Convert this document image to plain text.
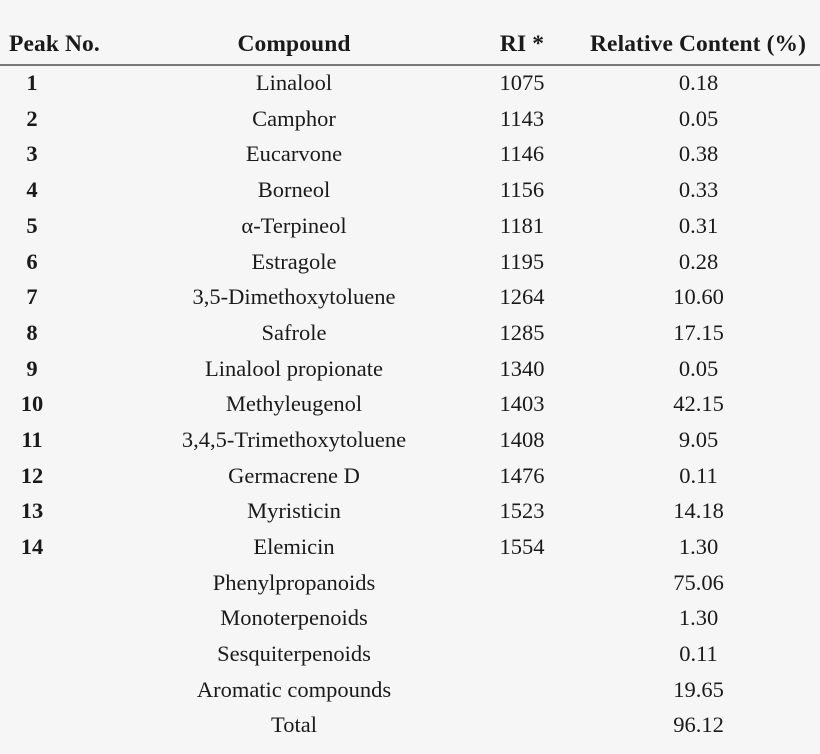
Peak No.	Compound	RI *	Relative Content (%)
1	Linalool	1075	0.18
2	Camphor	1143	0.05
3	Eucarvone	1146	0.38
4	Borneol	1156	0.33
5	α-Terpineol	1181	0.31
6	Estragole	1195	0.28
7	3,5-Dimethoxytoluene	1264	10.60
8	Safrole	1285	17.15
9	Linalool propionate	1340	0.05
10	Methyleugenol	1403	42.15
11	3,4,5-Trimethoxytoluene	1408	9.05
12	Germacrene D	1476	0.11
13	Myristicin	1523	14.18
14	Elemicin	1554	1.30
	Phenylpropanoids		75.06
	Monoterpenoids		1.30
	Sesquiterpenoids		0.11
	Aromatic compounds		19.65
	Total		96.12
